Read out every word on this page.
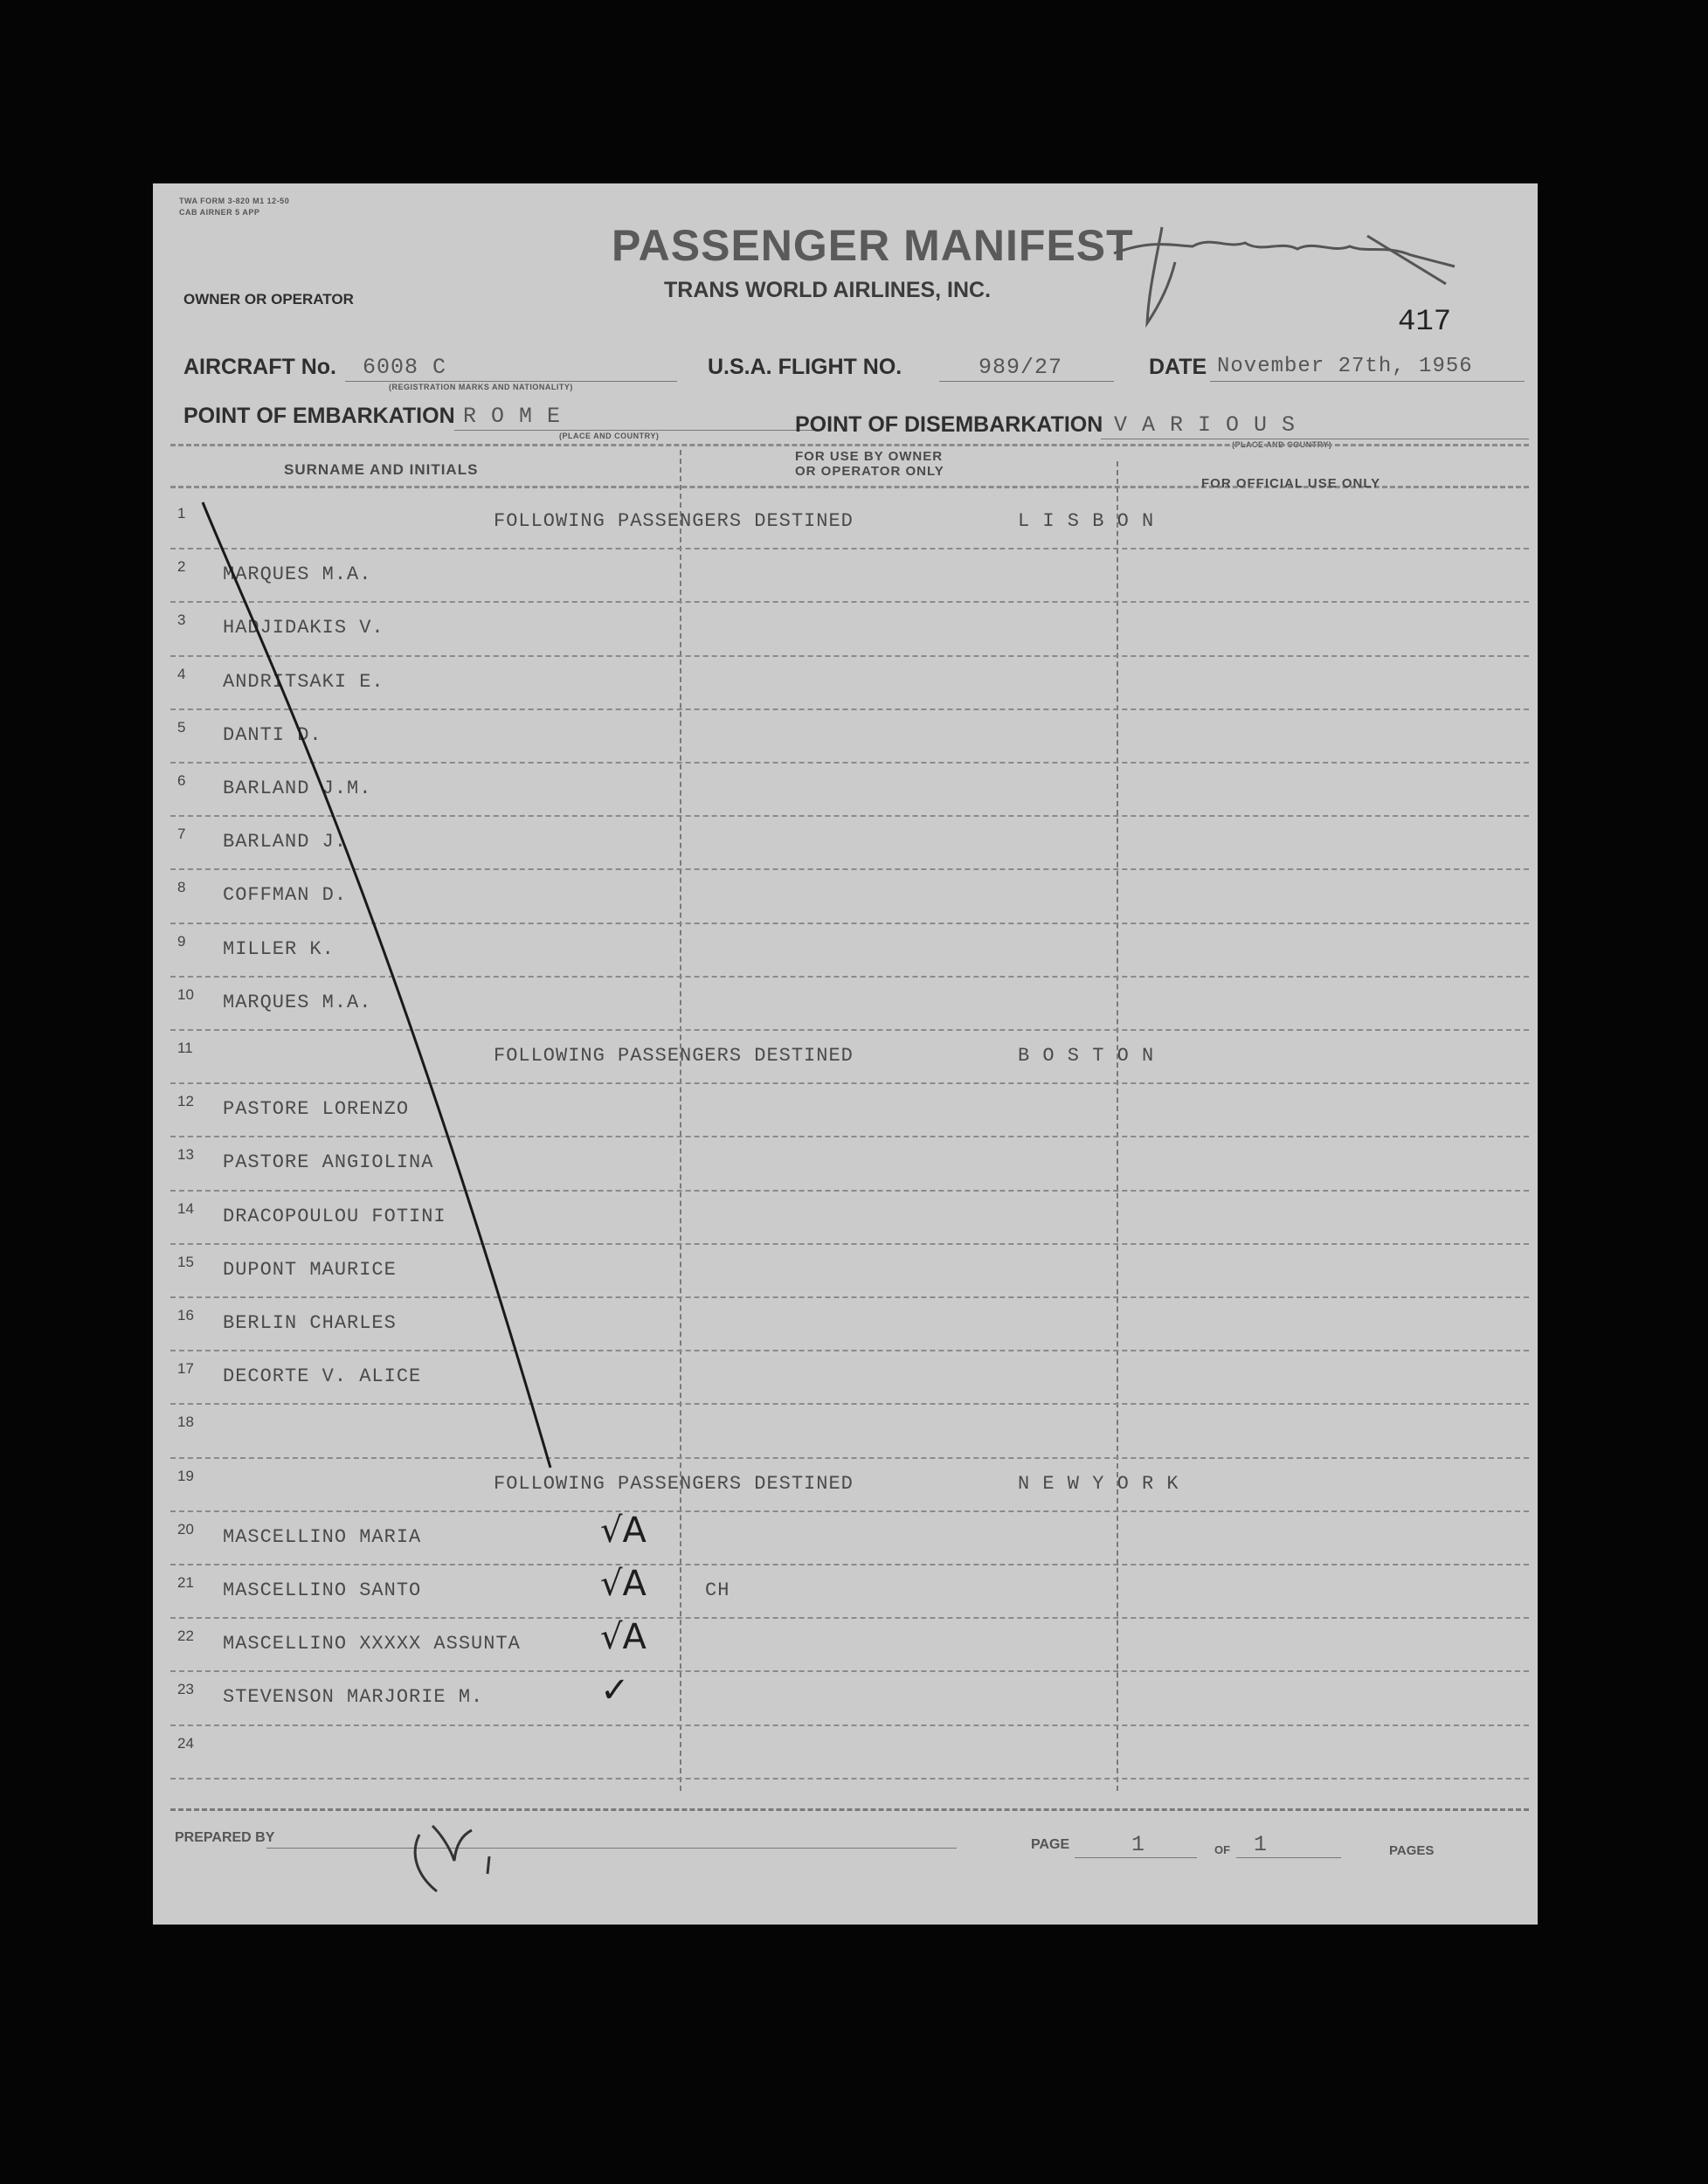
TWA FORM 3-820 M1 12-50
CAB AIRNER 5 APP
PASSENGER MANIFEST
TRANS WORLD AIRLINES, INC.
OWNER OR OPERATOR
417
AIRCRAFT No. 6008 C
(REGISTRATION MARKS AND NATIONALITY)
U.S.A. FLIGHT NO.	989/27	DATE November 27th, 1956
POINT OF EMBARKATION R O M E
(PLACE AND COUNTRY)	POINT OF DISEMBARKATION V A R I O U S
(PLACE AND COUNTRY)
SURNAME AND INITIALS
FOR USE BY OWNER
OR OPERATOR ONLY
FOR OFFICIAL USE ONLY
1	FOLLOWING PASSENGERS DESTINED	L I S B O N
2 MARQUES M.A.
3 HADJIDAKIS V.
4 ANDRITSAKI E.
5 DANTI D.
6 BARLAND J.M.
7 BARLAND J.
8 COFFMAN D.
9 MILLER K.
10 MARQUES M.A.
11	FOLLOWING PASSENGERS DESTINED	B O S T O N
12 PASTORE LORENZO
13 PASTORE ANGIOLINA
14 DRACOPOULOU FOTINI
15 DUPONT MAURICE
16 BERLIN CHARLES
17 DECORTE V. ALICE
18
19	FOLLOWING PASSENGERS DESTINED	N E W Y O R K
20 MASCELLINO MARIA	√A
21 MASCELLINO SANTO	√A	CH
22 MASCELLINO XXXXX ASSUNTA √A
23 STEVENSON MARJORIE M.	✓
24
PREPARED BY	PAGE	1	OF 1	PAGES
